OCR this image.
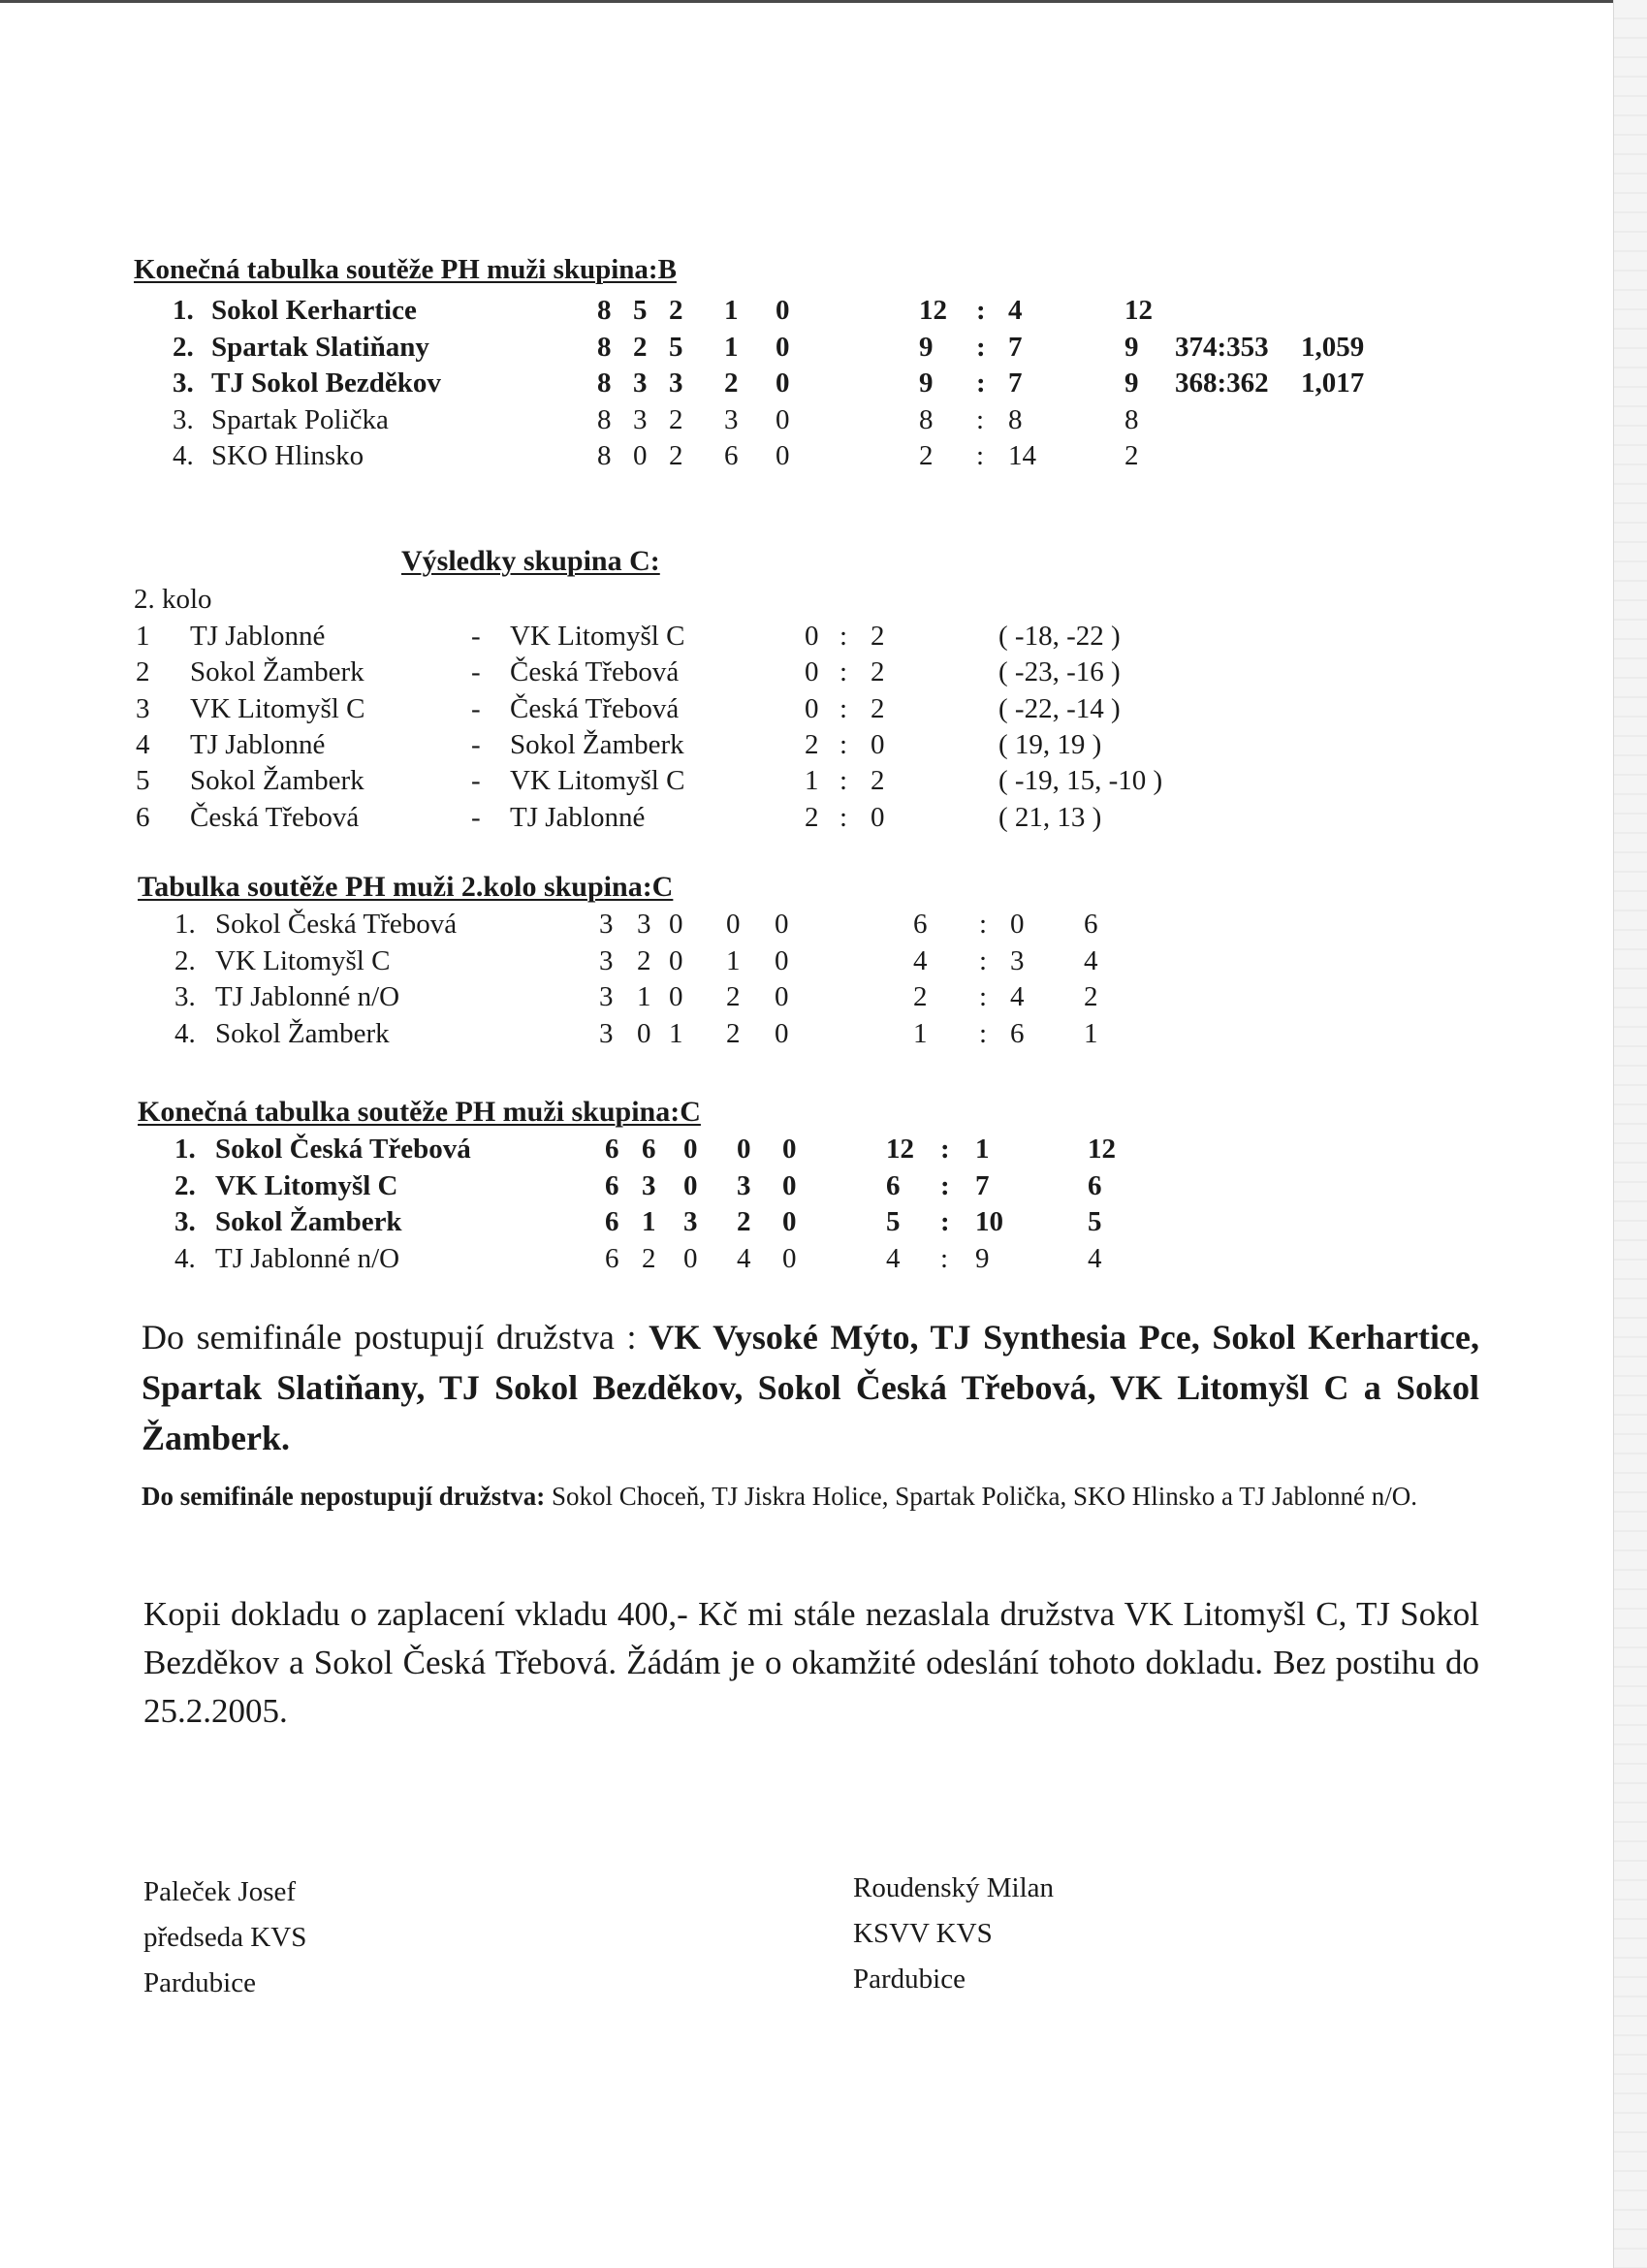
Konečná tabulka soutěže PH muži skupina:B
1. Sokol Kerhartice	8 5 2 1 0	12 : 4	12
2. Spartak Slatiňany	8 2 5 1 0	9 : 7	9 374:353 1,059
3. TJ Sokol Bezděkov	8 3 3 2 0	9 : 7	9 368:362 1,017
3. Spartak Polička	8 3 2 3 0	8 : 8	8
4. SKO Hlinsko	8 0 2 6 0	2 : 14	2
Výsledky skupina C:
2. kolo
1 TJ Jablonné	- VK Litomyšl C	0 : 2	( -18, -22 )
2 Sokol Žamberk	- Česká Třebová	0 : 2	( -23, -16 )
3 VK Litomyšl C	- Česká Třebová	0 : 2	( -22, -14 )
4 TJ Jablonné	- Sokol Žamberk	2 : 0	( 19, 19 )
5 Sokol Žamberk	- VK Litomyšl C	1 : 2	( -19, 15, -10 )
6 Česká Třebová	- TJ Jablonné	2 : 0	( 21, 13 )
Tabulka soutěže PH muži 2.kolo skupina:C
1. Sokol Česká Třebová	3 3 0 0 0	6 : 0 6
2. VK Litomyšl C	3 2 0 1 0	4 : 3 4
3. TJ Jablonné n/O	3 1 0 2 0	2 : 4 2
4. Sokol Žamberk	3 0 1 2 0	1 : 6 1
Konečná tabulka soutěže PH muži skupina:C
1. Sokol Česká Třebová	6 6 0 0 0	12 : 1	12
2. VK Litomyšl C	6 3 0 3 0	6 : 7	6
3. Sokol Žamberk	6 1 3 2 0	5 : 10	5
4. TJ Jablonné n/O	6 2 0 4 0	4 : 9	4
Do semifinále postupují družstva : VK Vysoké Mýto, TJ Synthesia Pce, Sokol Kerhartice, Spartak Slatiňany, TJ Sokol Bezděkov, Sokol Česká Třebová, VK Litomyšl C a Sokol Žamberk.
Do semifinále nepostupují družstva: Sokol Choceň, TJ Jiskra Holice, Spartak Polička, SKO Hlinsko a TJ Jablonné n/O.
Kopii dokladu o zaplacení vkladu 400,- Kč mi stále nezaslala družstva VK Litomyšl C, TJ Sokol Bezděkov a Sokol Česká Třebová. Žádám je o okamžité odeslání tohoto dokladu. Bez postihu do 25.2.2005.
Paleček Josef
předseda KVS
Pardubice
Roudenský Milan
KSVV KVS
Pardubice
